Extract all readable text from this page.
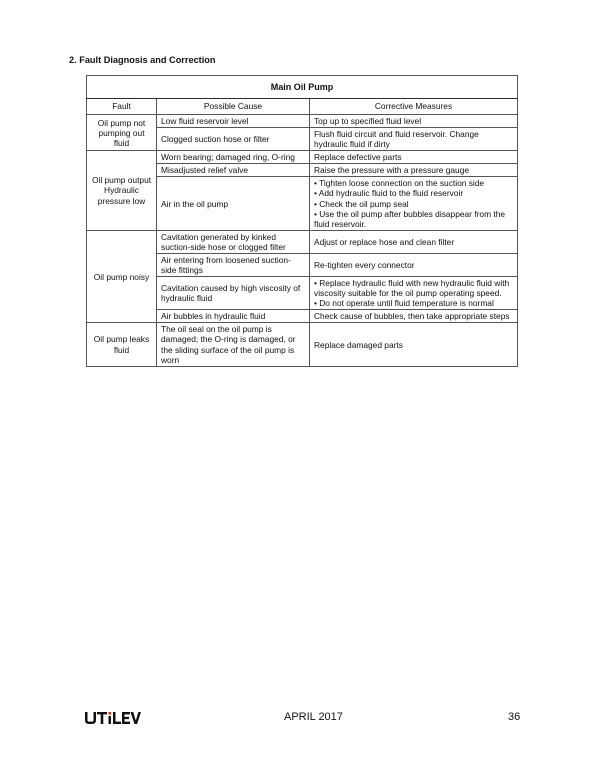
2. Fault Diagnosis and Correction
Main Oil Pump		
Fault	Possible Cause	Corrective Measures
Oil pump not pumping out fluid	Low fluid reservoir level	Top up to specified fluid level

	Clogged suction hose or filter	Flush fluid circuit and fluid reservoir. Change hydraulic fluid if dirty

Oil pump output Hydraulic pressure low	Worn bearing; damaged ring, O-ring	Replace defective parts

	Misadjusted relief valve	Raise the pressure with a pressure gauge

	Air in the oil pump	• Tighten loose connection on the suction side
• Add hydraulic fluid to the fluid reservoir
• Check the oil pump seal
• Use the oil pump after bubbles disappear from the fluid reservoir.

Oil pump noisy	Cavitation generated by kinked suction-side hose or clogged filter	Adjust or replace hose and clean filter

	Air entering from loosened suction-side fittings	Re-tighten every connector

	Cavitation caused by high viscosity of hydraulic fluid	• Replace hydraulic fluid with new hydraulic fluid with viscosity suitable for the oil pump operating speed.
• Do not operate until fluid temperature is normal

	Air bubbles in hydraulic fluid	Check cause of bubbles, then take appropriate steps

Oil pump leaks fluid	The oil seal on the oil pump is damaged; the O-ring is damaged, or the sliding surface of the oil pump is worn	Replace damaged parts
APRIL 2017	36
